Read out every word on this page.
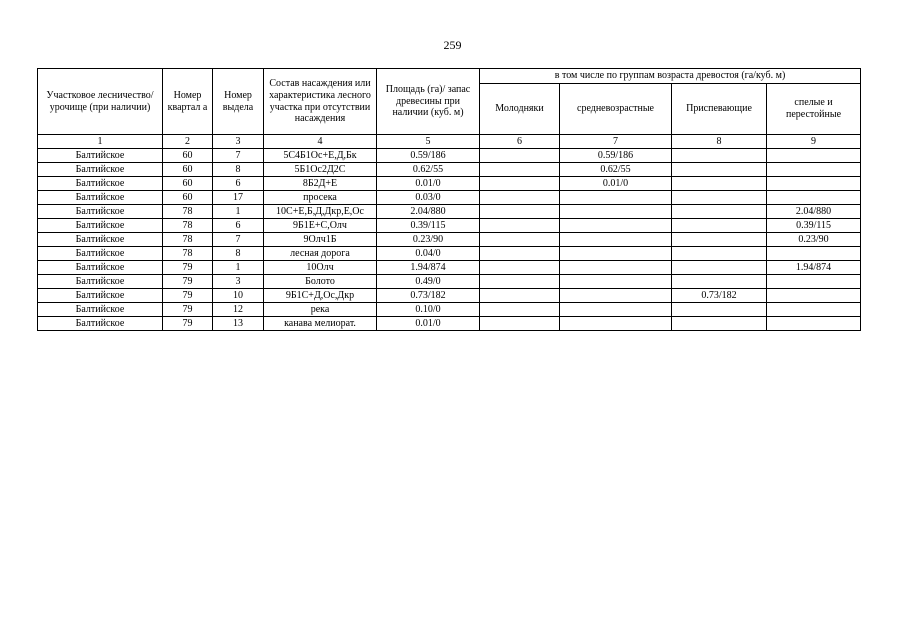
259
Участковое лесничество/урочище (при наличии)	Номер квартал а	Номер выдела	Состав насаждения или характеристика лесного участка при отсутствии насаждения	Площадь (га)/ запас древесины при наличии (куб. м)	в том числе по группам возраста древостоя (га/куб. м)			
					Молодняки	средневозрастные	Приспевающие	спелые и перестойные
1	2	3	4	5	6	7	8	9
Балтийское	60	7	5С4Б1Ос+Е,Д,Бк	0.59/186		0.59/186		
Балтийское	60	8	5Б1Ос2Д2С	0.62/55		0.62/55		
Балтийское	60	6	8Б2Д+Е	0.01/0		0.01/0		
Балтийское	60	17	просека	0.03/0				
Балтийское	78	1	10С+Е,Б,Д,Дкр,Е,Ос	2.04/880				2.04/880
Балтийское	78	6	9Б1Е+С,Олч	0.39/115				0.39/115
Балтийское	78	7	9Олч1Б	0.23/90				0.23/90
Балтийское	78	8	лесная дорога	0.04/0				
Балтийское	79	1	10Олч	1.94/874				1.94/874
Балтийское	79	3	Болото	0.49/0				
Балтийское	79	10	9Б1С+Д,Ос,Дкр	0.73/182			0.73/182	
Балтийское	79	12	река	0.10/0				
Балтийское	79	13	канава мелиорат.	0.01/0				
